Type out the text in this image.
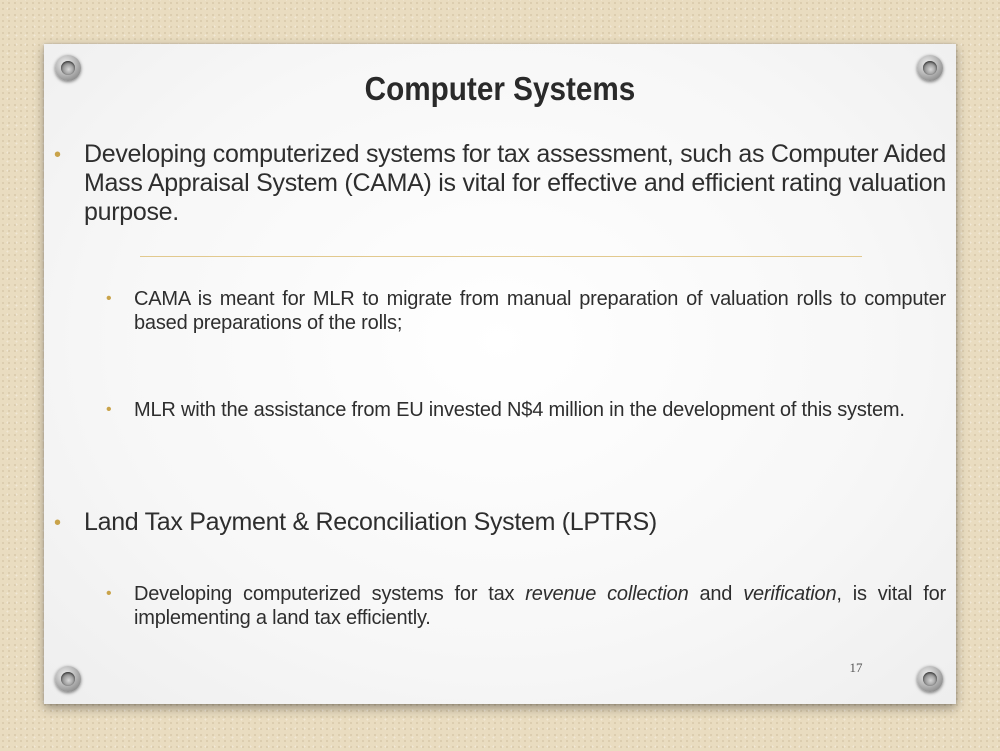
Computer Systems
• Developing computerized systems for tax assessment, such as Computer Aided Mass Appraisal System (CAMA) is vital for effective and efficient rating valuation purpose.
•	CAMA is meant for MLR to migrate from manual preparation of valuation rolls to computer based preparations of the rolls;
•	MLR with the assistance from EU invested N$4 million in the development of this system.
• Land Tax Payment & Reconciliation System (LPTRS)
•	Developing computerized systems for tax revenue collection and verification, is vital for implementing a land tax efficiently.
17
